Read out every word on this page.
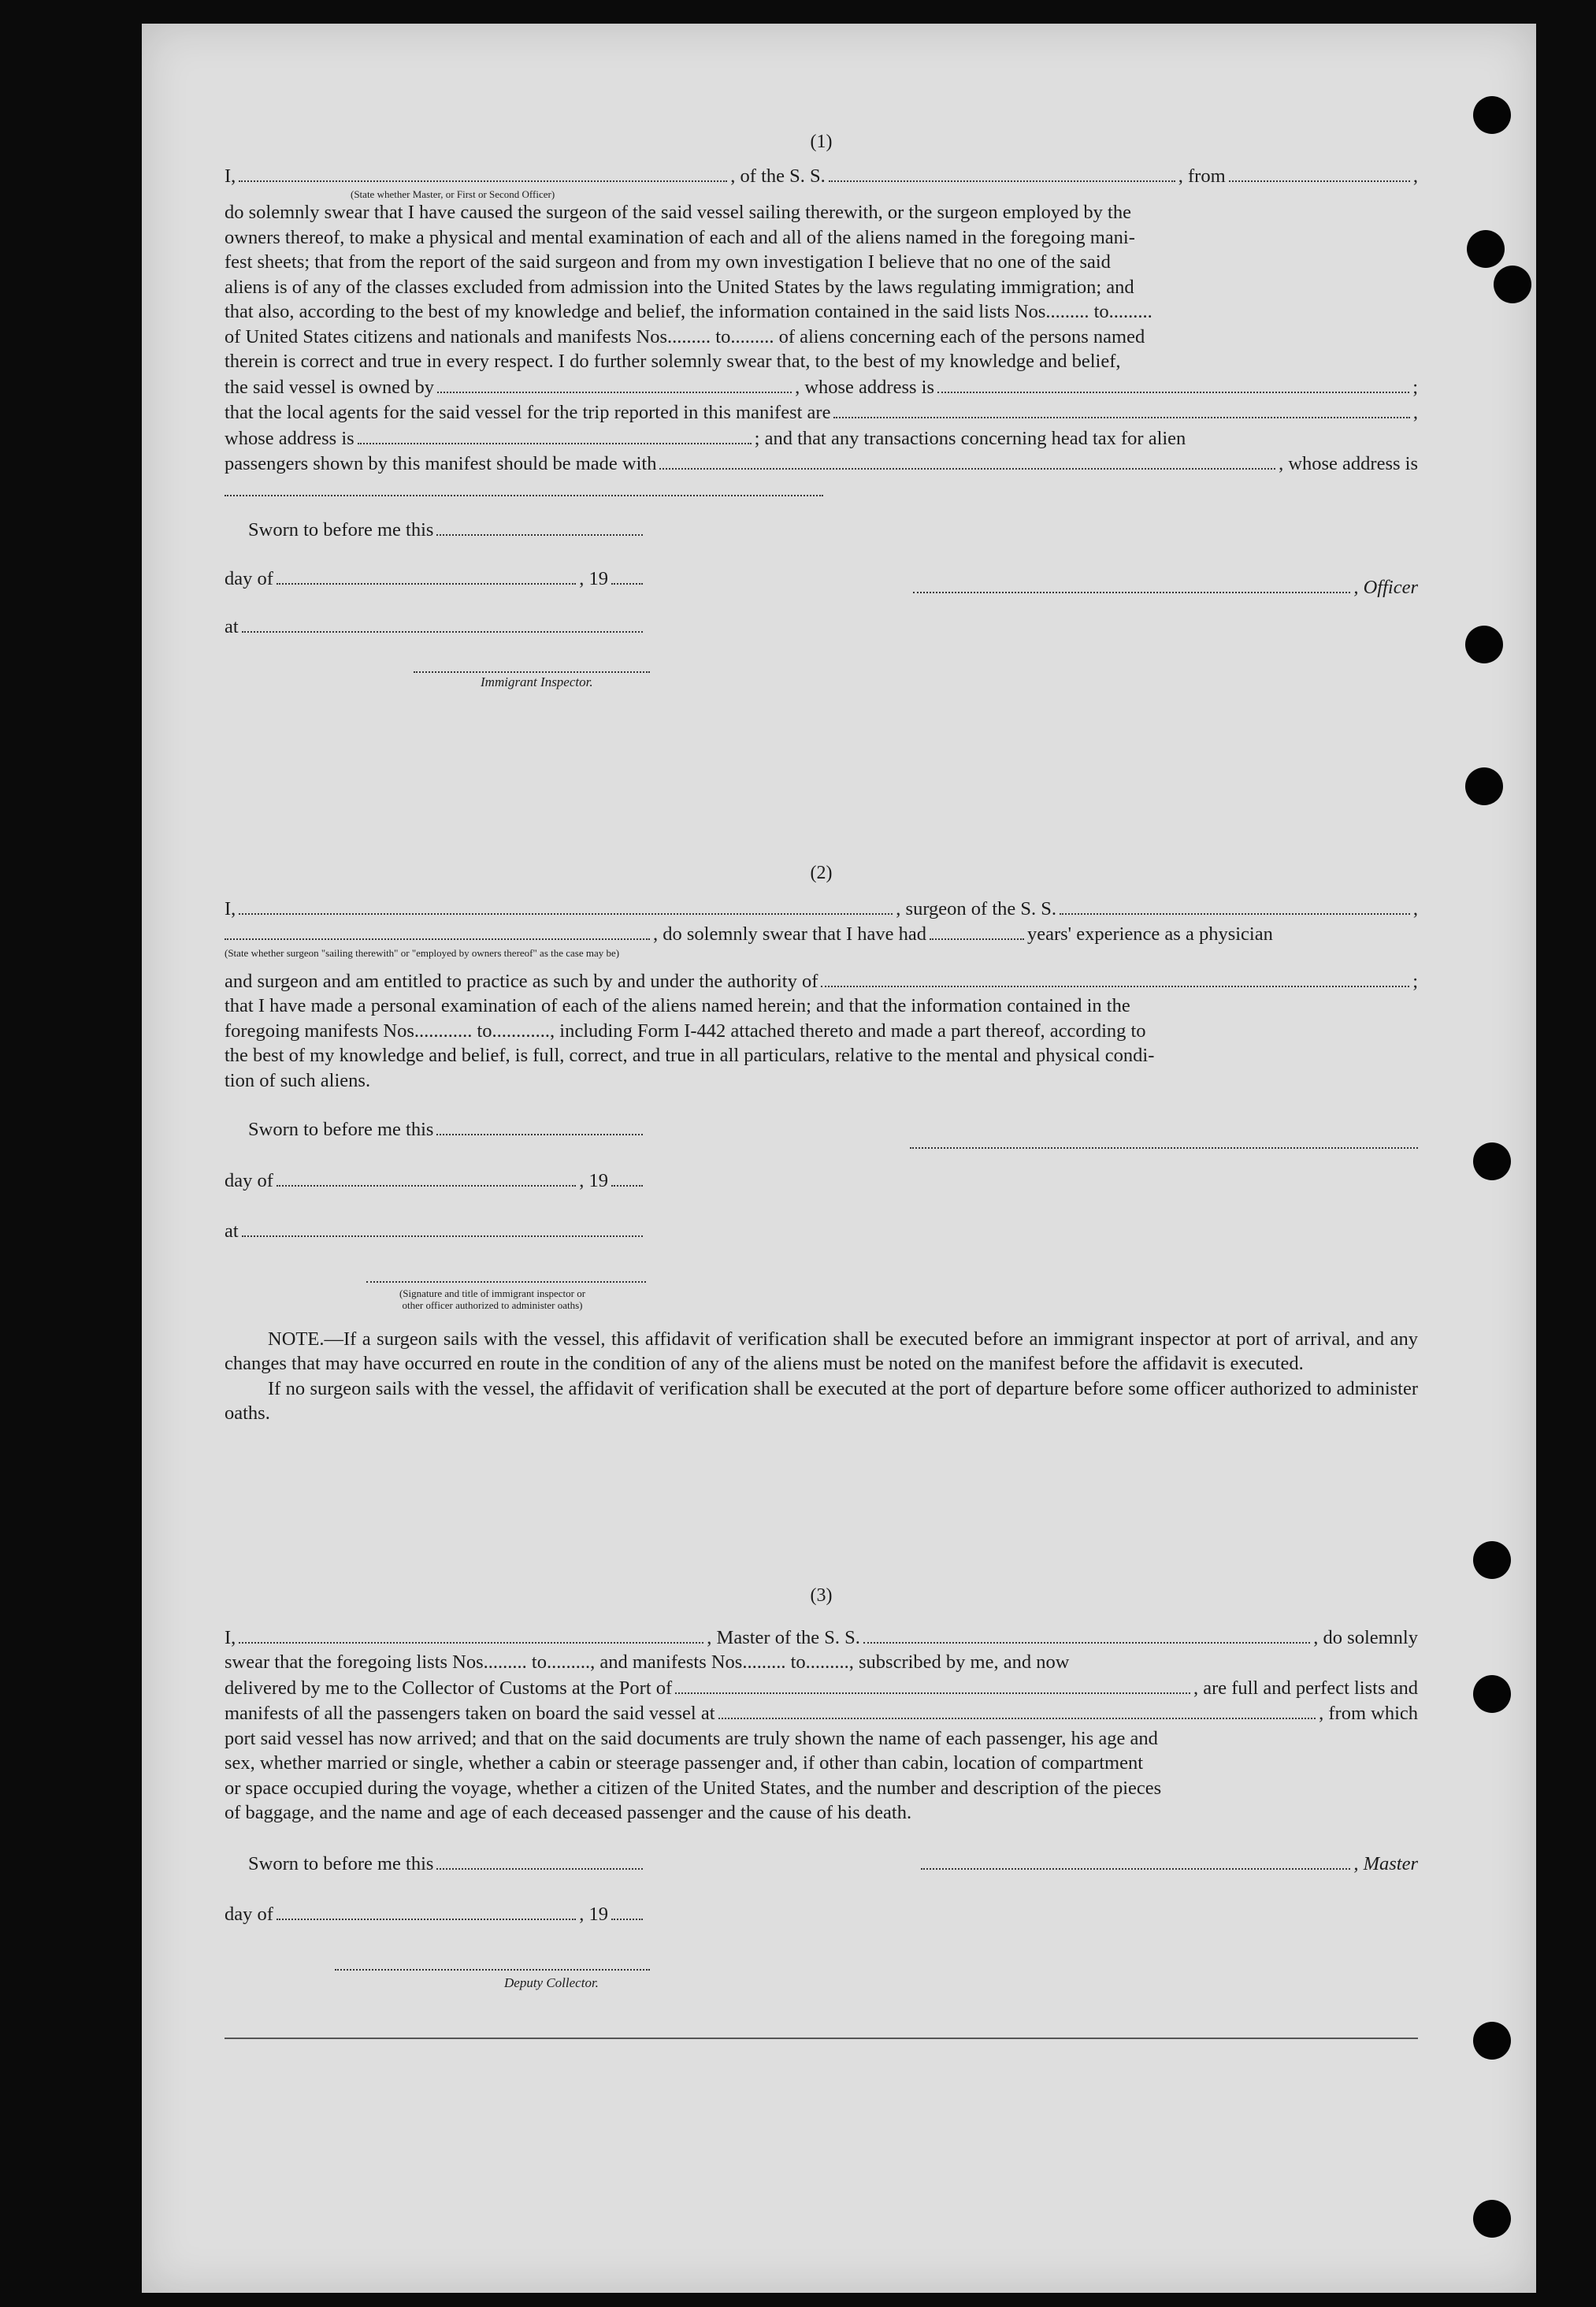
(1)
I,	, of the S. S.	, from	,
(State whether Master, or First or Second Officer)

do solemnly swear that I have caused the surgeon of the said vessel sailing therewith, or the surgeon employed by the

owners thereof, to make a physical and mental examination of each and all of the aliens named in the foregoing mani-

fest sheets; that from the report of the said surgeon and from my own investigation I believe that no one of the said

aliens is of any of the classes excluded from admission into the United States by the laws regulating immigration; and

that also, according to the best of my knowledge and belief, the information contained in the said lists Nos......... to.........

of United States citizens and nationals and manifests Nos......... to......... of aliens concerning each of the persons named

therein is correct and true in every respect. I do further solemnly swear that, to the best of my knowledge and belief,

the said vessel is owned by	, whose address is	;
that the local agents for the said vessel for the trip reported in this manifest are	,
whose address is	; and that any transactions concerning head tax for alien
passengers shown by this manifest should be made with	, whose address is
Sworn to before me this
day of	, 19	, Officer
at
Immigrant Inspector.
(2)
I,	, surgeon of the S. S.	,
, do solemnly swear that I have had	years' experience as a physician
(State whether surgeon "sailing therewith" or "employed by owners thereof" as the case may be)
and surgeon and am entitled to practice as such by and under the authority of	;

that I have made a personal examination of each of the aliens named herein; and that the information contained in the

foregoing manifests Nos............ to............, including Form I-442 attached thereto and made a part thereof, according to

the best of my knowledge and belief, is full, correct, and true in all particulars, relative to the mental and physical condi-

tion of such aliens.

Sworn to before me this
day of	, 19
at
(Signature and title of immigrant inspector or other officer authorized to administer oaths)

NOTE.—If a surgeon sails with the vessel, this affidavit of verification shall be executed before an immigrant inspector at port of arrival, and any changes that may have occurred en route in the condition of any of the aliens must be noted on the manifest before the affidavit is executed.

If no surgeon sails with the vessel, the affidavit of verification shall be executed at the port of departure before some officer authorized to administer oaths.

(3)
I,	, Master of the S. S.	, do solemnly

swear that the foregoing lists Nos......... to........., and manifests Nos......... to........., subscribed by me, and now

delivered by me to the Collector of Customs at the Port of	, are full and perfect lists and
manifests of all the passengers taken on board the said vessel at	, from which

port said vessel has now arrived; and that on the said documents are truly shown the name of each passenger, his age and

sex, whether married or single, whether a cabin or steerage passenger and, if other than cabin, location of compartment

or space occupied during the voyage, whether a citizen of the United States, and the number and description of the pieces

of baggage, and the name and age of each deceased passenger and the cause of his death.

, Master
Sworn to before me this
day of	, 19
Deputy Collector.
